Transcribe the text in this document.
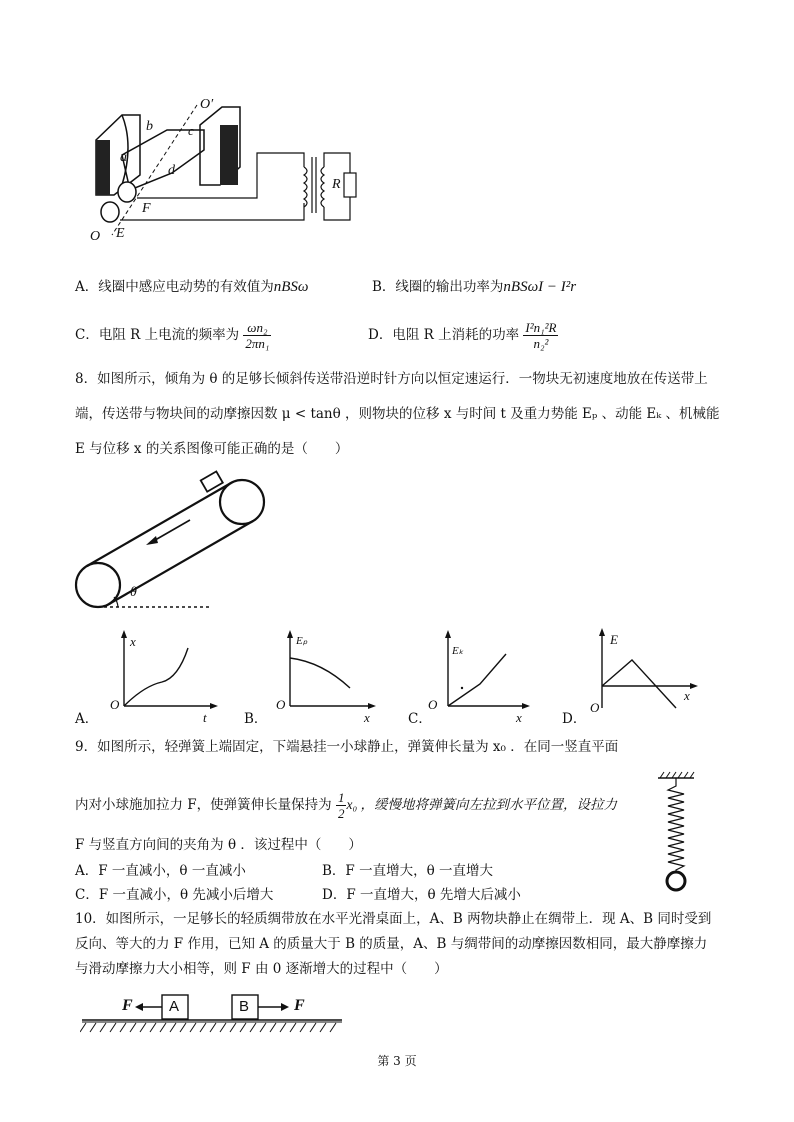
O′
b	c
a	S
d
F
O E
R
A．线圈中感应电动势的有效值为nBSω	B．线圈的输出功率为nBSωI − I²r
C．电阻 R 上电流的频率为 $\frac{\text{ωn₂}}{\text{2πn₁}}$	D．电阻 R 上消耗的功率 $\frac{\text{I²n₁²R}}{\text{n₂²}}$
8．如图所示，倾角为 θ 的足够长倾斜传送带沿逆时针方向以恒定速运行．一物块无初速度地放在传送带上
端，传送带与物块间的动摩擦因数 μ < tanθ ，则物块的位移 x 与时间 t 及重力势能 Eₚ 、动能 Eₖ 、机械能
E 与位移 x 的关系图像可能正确的是（　　）
θ
x
t
O
A．
Eₚ
x
O
B．
Eₖ
x
O
C．
E
x
O
D．
9．如图所示，轻弹簧上端固定，下端悬挂一小球静止，弹簧伸长量为 x₀ ．在同一竖直平面
内对小球施加拉力 F，使弹簧伸长量保持为 $\frac{1}{2} x_0$ ，缓慢地将弹簧向左拉到水平位置，设拉力
F 与竖直方向间的夹角为 θ ．该过程中（　　）
A．F 一直减小，θ 一直减小	B．F 一直增大，θ 一直增大
C．F 一直减小，θ 先减小后增大	D．F 一直增大，θ 先增大后减小
10．如图所示，一足够长的轻质绸带放在水平光滑桌面上，A、B 两物块静止在绸带上．现 A、B 同时受到
反向、等大的力 F 作用，已知 A 的质量大于 B 的质量，A、B 与绸带间的动摩擦因数相同，最大静摩擦力
与滑动摩擦力大小相等，则 F 由 0 逐渐增大的过程中（　　）
A	B
F	F
第 3 页
